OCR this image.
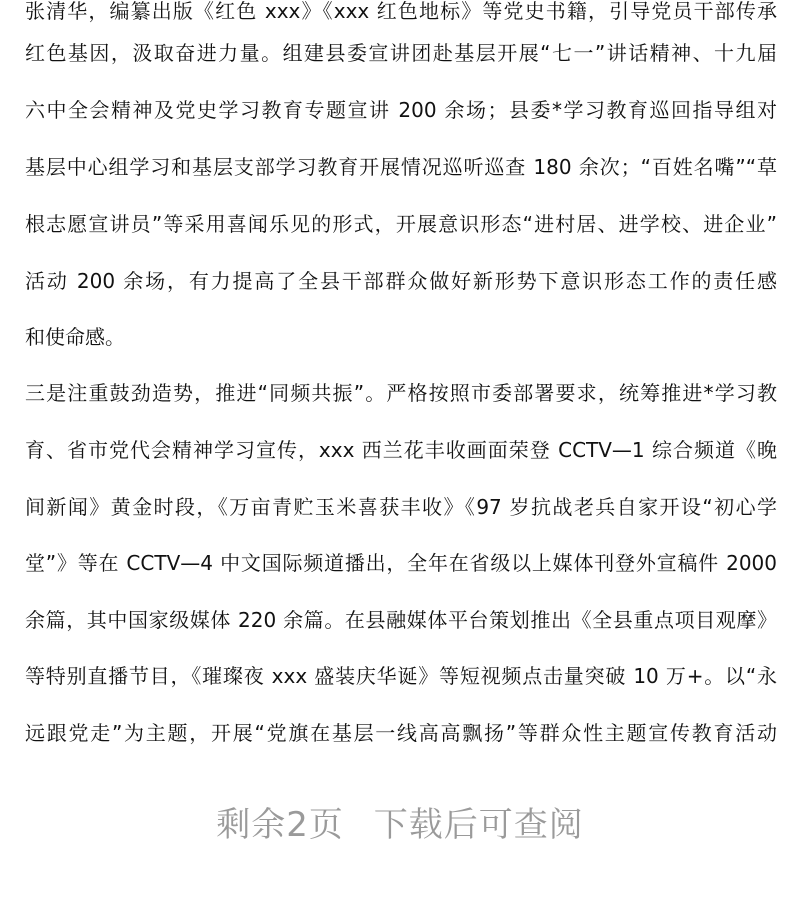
张清华，编纂出版《红色 xxx》《xxx 红色地标》等党史书籍，引导党员干部传承
红色基因，汲取奋进力量。组建县委宣讲团赴基层开展“七一”讲话精神、十九届
六中全会精神及党史学习教育专题宣讲 200 余场；县委*学习教育巡回指导组对
基层中心组学习和基层支部学习教育开展情况巡听巡查 180 余次；“百姓名嘴”“草
根志愿宣讲员”等采用喜闻乐见的形式，开展意识形态“进村居、进学校、进企业”
活动 200 余场，有力提高了全县干部群众做好新形势下意识形态工作的责任感
和使命感。
三是注重鼓劲造势，推进“同频共振”。严格按照市委部署要求，统筹推进*学习教
育、省市党代会精神学习宣传，xxx 西兰花丰收画面荣登 CCTV—1 综合频道《晚
间新闻》黄金时段，《万亩青贮玉米喜获丰收》《97 岁抗战老兵自家开设“初心学
堂”》等在 CCTV—4 中文国际频道播出，全年在省级以上媒体刊登外宣稿件 2000
余篇，其中国家级媒体 220 余篇。在县融媒体平台策划推出《全县重点项目观摩》
等特别直播节目，《璀璨夜 xxx 盛装庆华诞》等短视频点击量突破 10 万+。以“永
远跟党走”为主题，开展“党旗在基层一线高高飘扬”等群众性主题宣传教育活动
剩余2页 下载后可查阅
